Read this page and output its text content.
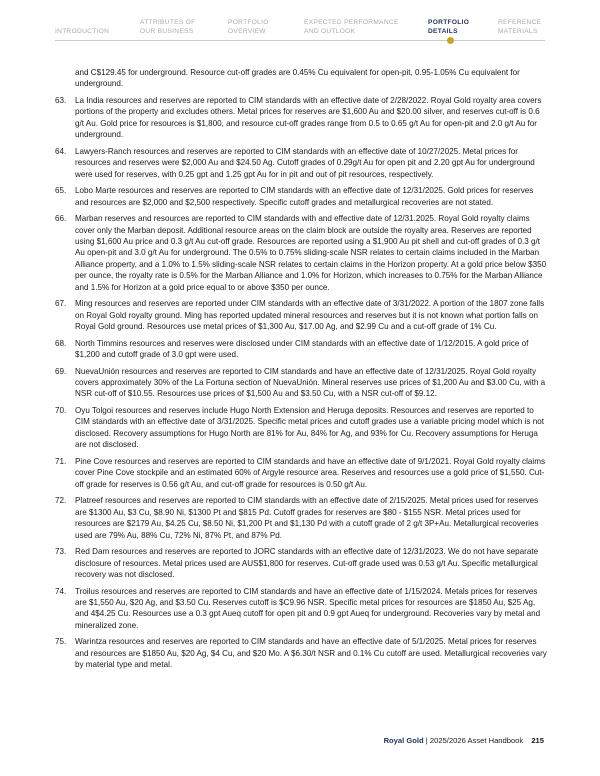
INTRODUCTION
ATTRIBUTES OF
OUR BUSINESS
PORTFOLIO
OVERVIEW
EXPECTED PERFORMANCE
AND OUTLOOK
PORTFOLIO
DETAILS
REFERENCE
MATERIALS
and C$129.45 for underground. Resource cut-off grades are 0.45% Cu equivalent for open-pit, 0.95-1.05% Cu equivalent for underground.
63.	La India resources and reserves are reported to CIM standards with an effective date of 2/28/2022. Royal Gold royalty area covers portions of the property and excludes others. Metal prices for reserves are $1,600 Au and $20.00 silver, and reserves cut-off is 0.6 g/t Au. Gold price for resources is $1,800, and resource cut-off grades range from 0.5 to 0.65 g/t Au for open-pit and 2.0 g/t Au for underground.
64.	Lawyers-Ranch resources and reserves are reported to CIM standards with an effective date of 10/27/2025. Metal prices for resources and reserves were $2,000 Au and $24.50 Ag. Cutoff grades of 0.29g/t Au for open pit and 2.20 gpt Au for underground were used for reserves, with 0.25 gpt and 1.25 gpt Au for in pit and out of pit resources, respectively.
65.	Lobo Marte resources and reserves are reported to CIM standards with an effective date of 12/31/2025. Gold prices for reserves and resources are $2,000 and $2,500 respectively. Specific cutoff grades and metallurgical recoveries are not stated.
66.	Marban reserves and resources are reported to CIM standards with and effective date of 12/31.2025. Royal Gold royalty claims cover only the Marban deposit. Additional resource areas on the claim block are outside the royalty area. Reserves are reported using $1,600 Au price and 0.3 g/t Au cut-off grade. Resources are reported using a $1,900 Au pit shell and cut-off grades of 0.3 g/t Au open-pit and 3.0 g/t Au for underground. The 0.5% to 0.75% sliding-scale NSR relates to certain claims included in the Marban Alliance property, and a 1.0% to 1.5% sliding-scale NSR relates to certain claims in the Horizon property. At a gold price below $350 per ounce, the royalty rate is 0.5% for the Marban Alliance and 1.0% for Horizon, which increases to 0.75% for the Marban Alliance and 1.5% for Horizon at a gold price equal to or above $350 per ounce.
67.	Ming resources and reserves are reported under CIM standards with an effective date of 3/31/2022. A portion of the 1807 zone falls on Royal Gold royalty ground. Ming has reported updated mineral resources and reserves but it is not known what portion falls on Royal Gold ground. Resources use metal prices of $1,300 Au, $17.00 Ag, and $2.99 Cu and a cut-off grade of 1% Cu.
68.	North Timmins resources and reserves were disclosed under CIM standards with an effective date of 1/12/2015. A gold price of $1,200 and cutoff grade of 3.0 gpt were used.
69.	NuevaUnión resources and reserves are reported to CIM standards and have an effective date of 12/31/2025. Royal Gold royalty covers approximately 30% of the La Fortuna section of NuevaUnión. Mineral reserves use prices of $1,200 Au and $3.00 Cu, with a NSR cut-off of $10.55. Resources use prices of $1,500 Au and $3.50 Cu, with a NSR cut-off of $9.12.
70.	Oyu Tolgoi resources and reserves include Hugo North Extension and Heruga deposits. Resources and reserves are reported to CIM standards with an effective date of 3/31/2025. Specific metal prices and cutoff grades use a variable pricing model which is not disclosed. Recovery assumptions for Hugo North are 81% for Au, 84% for Ag, and 93% for Cu. Recovery assumptions for Heruga are not disclosed.
71.	Pine Cove resources and reserves are reported to CIM standards and have an effective date of 9/1/2021. Royal Gold royalty claims cover Pine Cove stockpile and an estimated 60% of Argyle resource area. Reserves and resources use a gold price of $1,550. Cut-off grade for reserves is 0.56 g/t Au, and cut-off grade for resources is 0.50 g/t Au.
72.	Platreef resources and reserves are reported to CIM standards with an effective date of 2/15/2025. Metal prices used for reserves are $1300 Au, $3 Cu, $8.90 Ni, $1300 Pt and $815 Pd. Cutoff grades for reserves are $80 - $155 NSR. Metal prices used for resources are $2179 Au, $4.25 Cu, $8.50 Ni, $1,200 Pt and $1,130 Pd with a cutoff grade of 2 g/t 3P+Au. Metallurgical recoveries used are 79% Au, 88% Cu, 72% Ni, 87% Pt, and 87% Pd.
73.	Red Dam resources and reserves are reported to JORC standards with an effective date of 12/31/2023. We do not have separate disclosure of resources. Metal prices used are AUS$1,800 for reserves. Cut-off grade used was 0.53 g/t Au. Specific metallurgical recovery was not disclosed.
74.	Troilus resources and reserves are reported to CIM standards and have an effective date of 1/15/2024. Metals prices for reserves are $1,550 Au, $20 Ag, and $3.50 Cu. Reserves cutoff is $C9.96 NSR. Specific metal prices for resources are $1850 Au, $25 Ag, and 4$4.25 Cu. Resources use a 0.3 gpt Aueq cutoff for open pit and 0.9 gpt Aueq for underground. Recoveries vary by metal and mineralized zone.
75.	Warintza resources and reserves are reported to CIM standards and have an effective date of 5/1/2025. Metal prices for reserves and resources are $1850 Au, $20 Ag, $4 Cu, and $20 Mo. A $6.30/t NSR and 0.1% Cu cutoff are used. Metallurgical recoveries vary by material type and metal.
Royal Gold | 2025/2026 Asset Handbook 215
